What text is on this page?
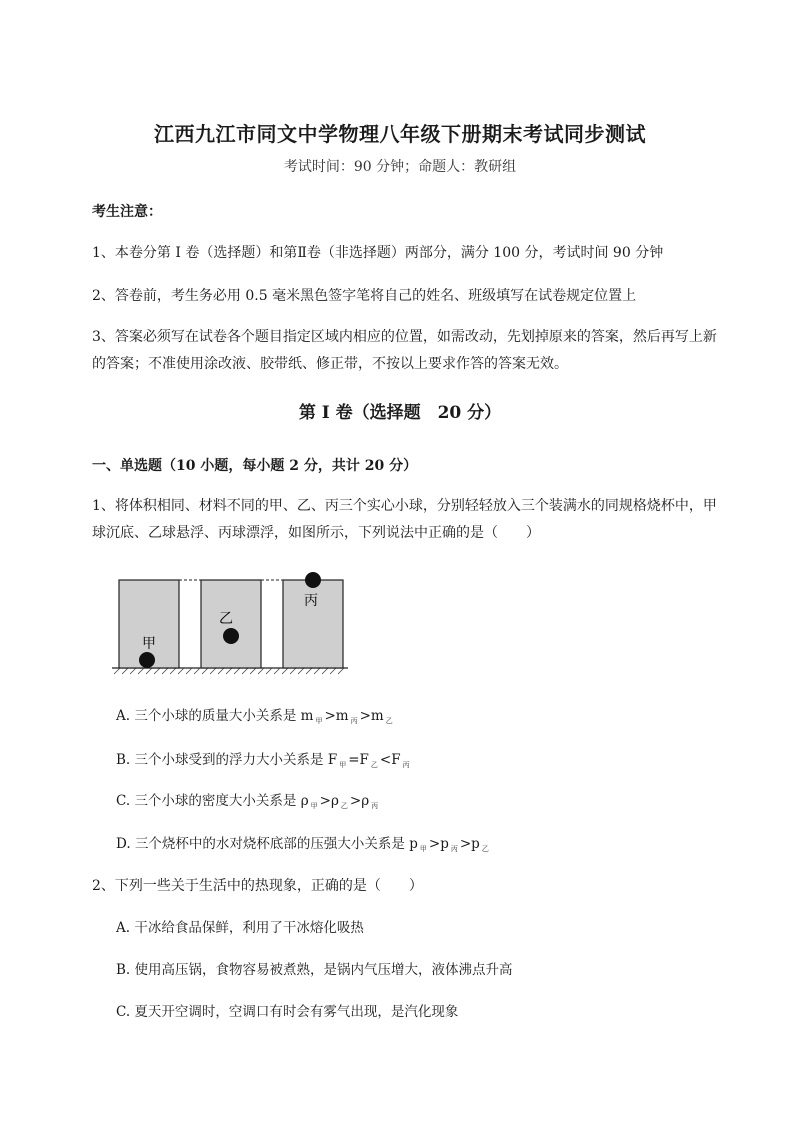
江西九江市同文中学物理八年级下册期末考试同步测试
考试时间：90 分钟；命题人：教研组
考生注意：
1、本卷分第 I 卷（选择题）和第Ⅱ卷（非选择题）两部分，满分 100 分，考试时间 90 分钟
2、答卷前，考生务必用 0.5 毫米黑色签字笔将自己的姓名、班级填写在试卷规定位置上
3、答案必须写在试卷各个题目指定区域内相应的位置，如需改动，先划掉原来的答案，然后再写上新的答案；不准使用涂改液、胶带纸、修正带，不按以上要求作答的答案无效。
第 I 卷（选择题　20 分）
一、单选题（10 小题，每小题 2 分，共计 20 分）
1、将体积相同、材料不同的甲、乙、丙三个实心小球，分别轻轻放入三个装满水的同规格烧杯中，甲球沉底、乙球悬浮、丙球漂浮，如图所示，下列说法中正确的是（　　）
甲
乙
丙
A. 三个小球的质量大小关系是 m $_甲$ >m $_丙$ >m $_乙$
B. 三个小球受到的浮力大小关系是 F $_甲$ =F $_乙$ <F $_丙$
C. 三个小球的密度大小关系是 ρ $_甲$ >ρ $_乙$ >ρ $_丙$
D. 三个烧杯中的水对烧杯底部的压强大小关系是 p $_甲$ >p $_丙$ >p $_乙$
2、下列一些关于生活中的热现象，正确的是（　　）
A. 干冰给食品保鲜，利用了干冰熔化吸热
B. 使用高压锅，食物容易被煮熟，是锅内气压增大，液体沸点升高
C. 夏天开空调时，空调口有时会有雾气出现，是汽化现象
